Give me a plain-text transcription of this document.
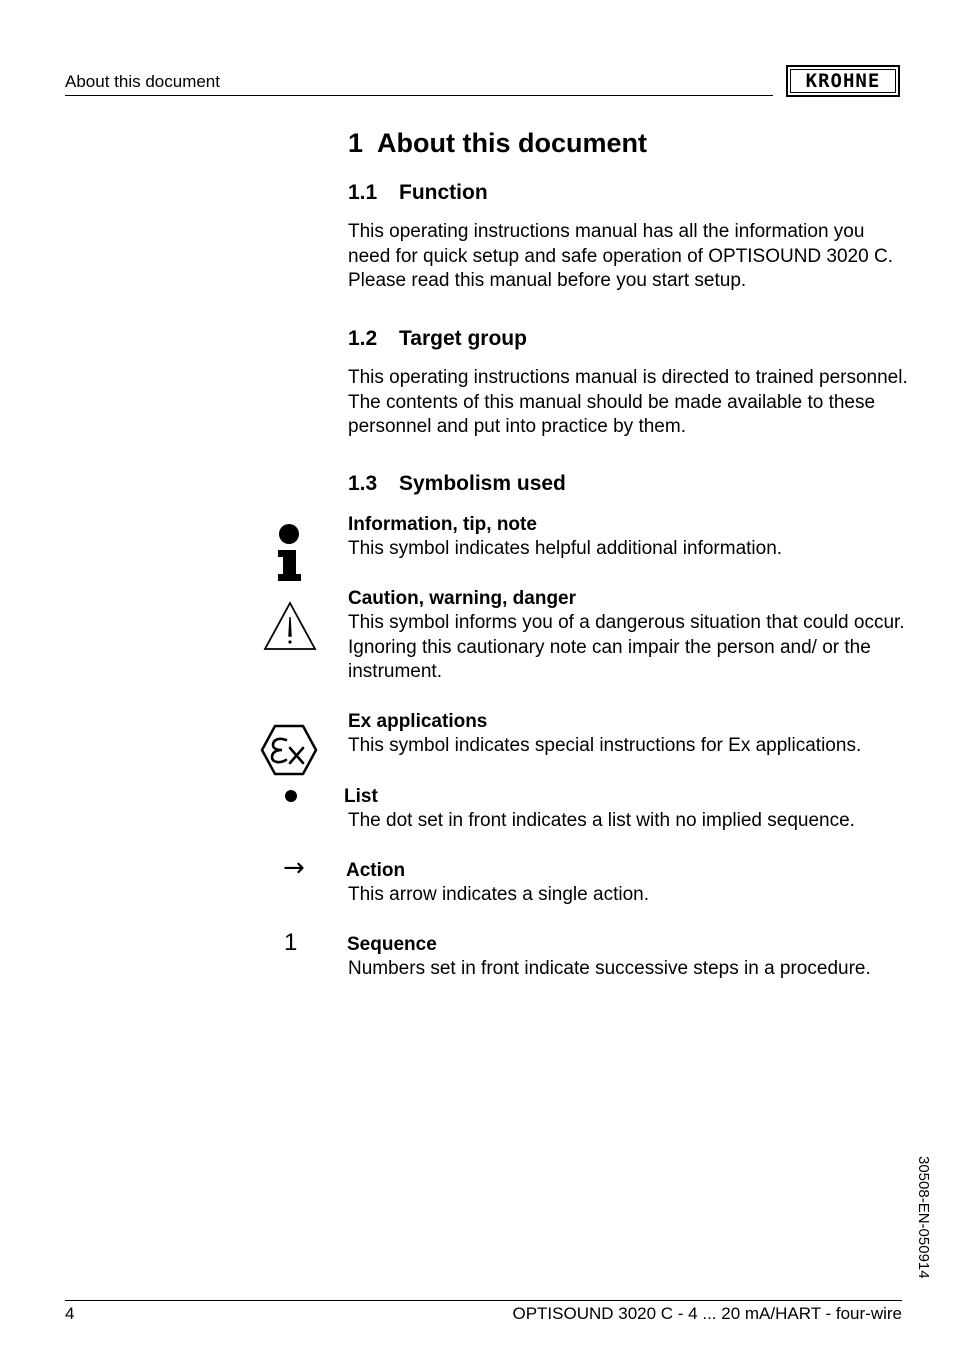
About this document	KROHNE
1  About this document
1.1 Function
This operating instructions manual has all the information you need for quick setup and safe operation of OPTISOUND 3020 C. Please read this manual before you start setup.
1.2 Target group
This operating instructions manual is directed to trained personnel. The contents of this manual should be made available to these personnel and put into practice by them.
1.3 Symbolism used
Information, tip, note
This symbol indicates helpful additional information.
Caution, warning, danger
This symbol informs you of a dangerous situation that could occur. Ignoring this cautionary note can impair the person and/ or the instrument.
Ex applications
This symbol indicates special instructions for Ex applications.
List
The dot set in front indicates a list with no implied sequence.
→ Action
This arrow indicates a single action.
1	Sequence
Numbers set in front indicate successive steps in a procedure.
30508-EN-050914
4	OPTISOUND 3020 C - 4 ... 20 mA/HART - four-wire
